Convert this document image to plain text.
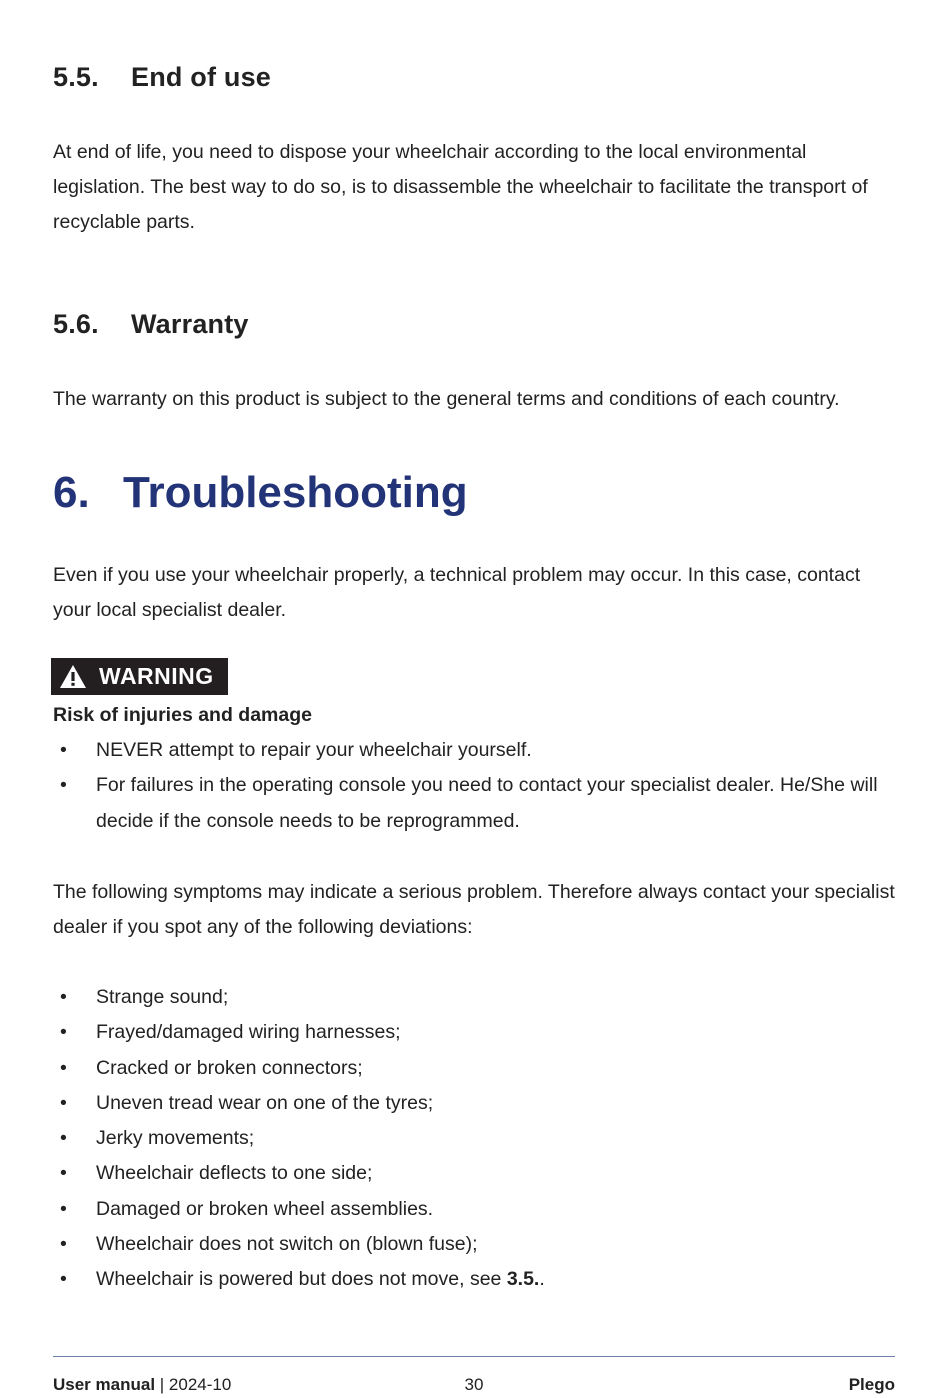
5.5. End of use

At end of life, you need to dispose your wheelchair according to the local environmental legislation. The best way to do so, is to disassemble the wheelchair to facilitate the transport of recyclable parts.

5.6. Warranty

The warranty on this product is subject to the general terms and conditions of each country.

6. Troubleshooting

Even if you use your wheelchair properly, a technical problem may occur. In this case, contact your local specialist dealer.

WARNING
Risk of injuries and damage
• NEVER attempt to repair your wheelchair yourself.
• For failures in the operating console you need to contact your specialist dealer. He/She will decide if the console needs to be reprogrammed.

The following symptoms may indicate a serious problem. Therefore always contact your specialist dealer if you spot any of the following deviations:

• Strange sound;
• Frayed/damaged wiring harnesses;
• Cracked or broken connectors;
• Uneven tread wear on one of the tyres;
• Jerky movements;
• Wheelchair deflects to one side;
• Damaged or broken wheel assemblies.
• Wheelchair does not switch on (blown fuse);
• Wheelchair is powered but does not move, see 3.5..
User manual | 2024-10	30	Plego
